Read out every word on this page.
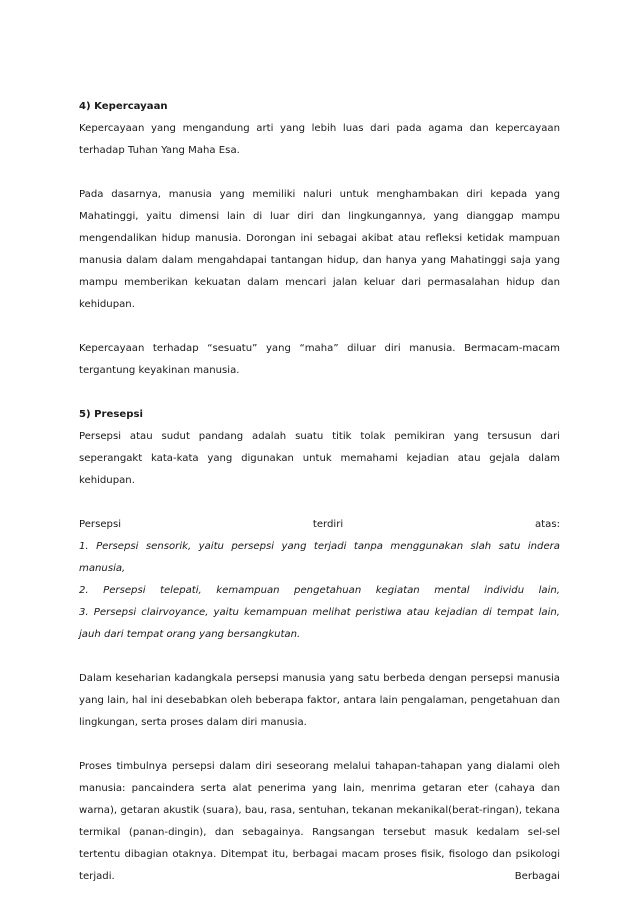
4) Kepercayaan

Kepercayaan yang mengandung arti yang lebih luas dari pada agama dan kepercayaan terhadap Tuhan Yang Maha Esa.

Pada dasarnya, manusia yang memiliki naluri untuk menghambakan diri kepada yang Mahatinggi, yaitu dimensi lain di luar diri dan lingkungannya, yang dianggap mampu mengendalikan hidup manusia. Dorongan ini sebagai akibat atau refleksi ketidak mampuan manusia dalam dalam mengahdapai tantangan hidup, dan hanya yang Mahatinggi saja yang mampu memberikan kekuatan dalam mencari jalan keluar dari permasalahan hidup dan kehidupan.

Kepercayaan terhadap “sesuatu” yang “maha” diluar diri manusia. Bermacam-macam tergantung keyakinan manusia.

5) Presepsi

Persepsi atau sudut pandang adalah suatu titik tolak pemikiran yang tersusun dari seperangakt kata-kata yang digunakan untuk memahami kejadian atau gejala dalam kehidupan.

Persepsi terdiri atas:

1. Persepsi sensorik, yaitu persepsi yang terjadi tanpa menggunakan slah satu indera manusia,

2. Persepsi telepati, kemampuan pengetahuan kegiatan mental individu lain,

3. Persepsi clairvoyance, yaitu kemampuan melihat peristiwa atau kejadian di tempat lain, jauh dari tempat orang yang bersangkutan.

Dalam keseharian kadangkala persepsi manusia yang satu berbeda dengan persepsi manusia yang lain, hal ini desebabkan oleh beberapa faktor, antara lain pengalaman, pengetahuan dan lingkungan, serta proses dalam diri manusia.

Proses timbulnya persepsi dalam diri seseorang melalui tahapan-tahapan yang dialami oleh manusia: pancaindera serta alat penerima yang lain, menrima getaran eter (cahaya dan warna), getaran akustik (suara), bau, rasa, sentuhan, tekanan mekanikal(berat-ringan), tekana termikal (panan-dingin), dan sebagainya. Rangsangan tersebut masuk kedalam sel-sel tertentu dibagian otaknya. Ditempat itu, berbagai macam proses fisik, fisologo dan psikologi terjadi. Berbagai
